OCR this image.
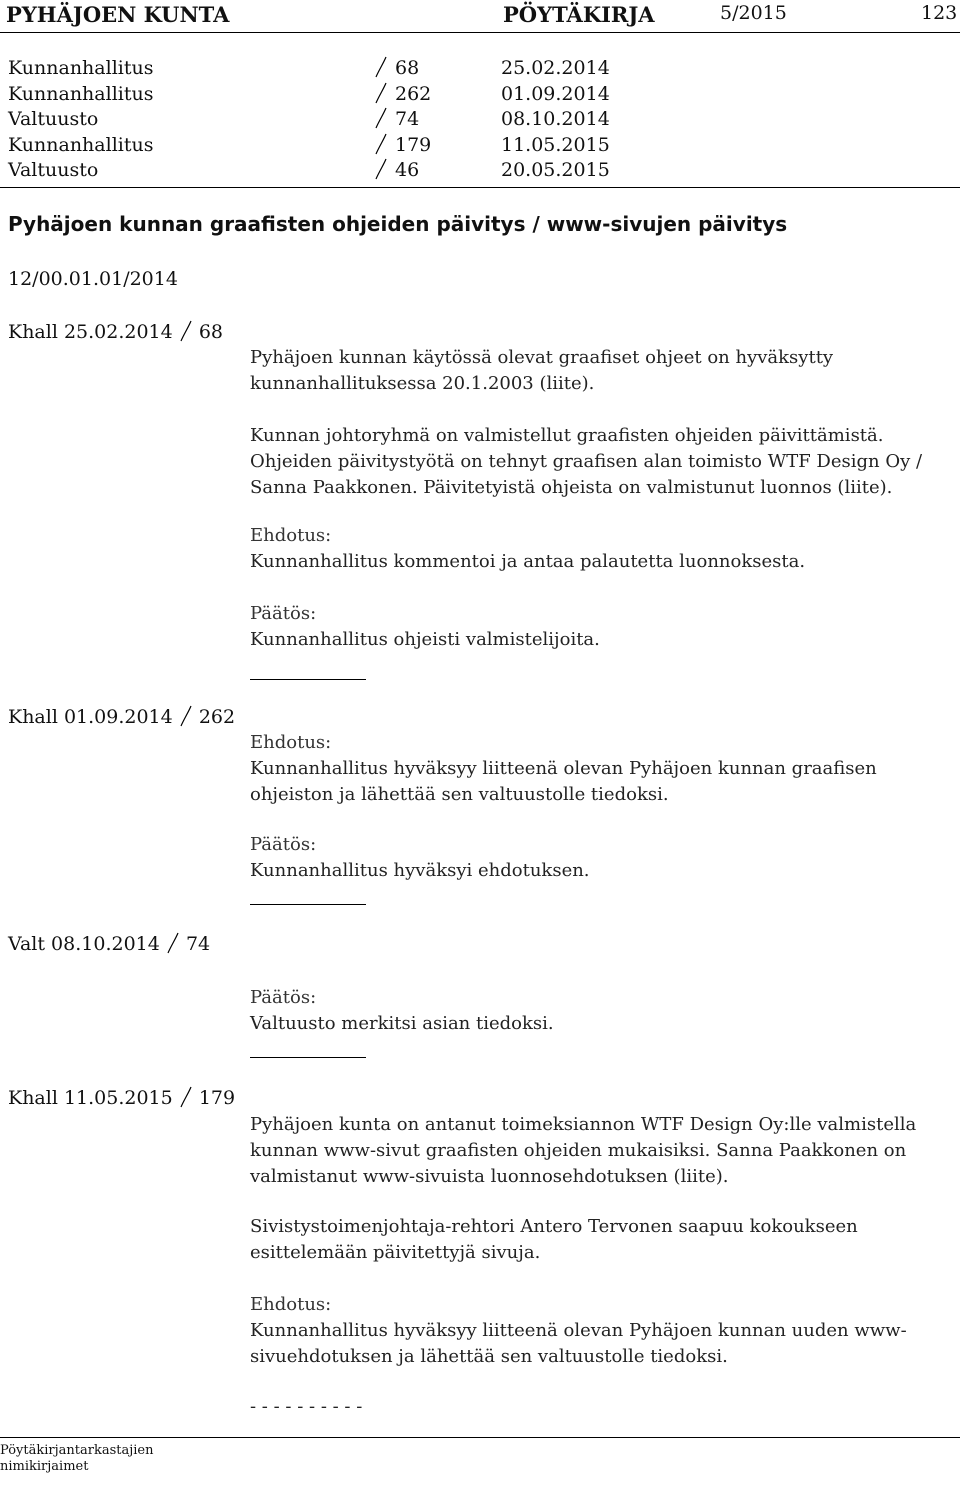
PYHÄJOEN KUNTA	PÖYTÄKIRJA	5/2015	123
Kunnanhallitus	68	25.02.2014
Kunnanhallitus	262	01.09.2014
Valtuusto	74	08.10.2014
Kunnanhallitus	179	11.05.2015
Valtuusto	46	20.05.2015
Pyhäjoen kunnan graafisten ohjeiden päivitys / www-sivujen päivitys
12/00.01.01/2014
Khall 25.02.2014 68

Pyhäjoen kunnan käytössä olevat graafiset ohjeet on hyväksytty kunnanhallituksessa 20.1.2003 (liite).

Kunnan johtoryhmä on valmistellut graafisten ohjeiden päivittämistä. Ohjeiden päivitystyötä on tehnyt graafisen alan toimisto WTF Design Oy / Sanna Paakkonen. Päivitetyistä ohjeista on valmistunut luonnos (liite).

Ehdotus:

Kunnanhallitus kommentoi ja antaa palautetta luonnoksesta.

Päätös:

Kunnanhallitus ohjeisti valmistelijoita.

Khall 01.09.2014 262

Ehdotus:

Kunnanhallitus hyväksyy liitteenä olevan Pyhäjoen kunnan graafisen ohjeiston ja lähettää sen valtuustolle tiedoksi.

Päätös:

Kunnanhallitus hyväksyi ehdotuksen.

Valt 08.10.2014 74

Päätös:

Valtuusto merkitsi asian tiedoksi.

Khall 11.05.2015 179

Pyhäjoen kunta on antanut toimeksiannon WTF Design Oy:lle valmistella kunnan www-sivut graafisten ohjeiden mukaisiksi. Sanna Paakkonen on valmistanut www-sivuista luonnosehdotuksen (liite).

Sivistystoimenjohtaja-rehtori Antero Tervonen saapuu kokoukseen esittelemään päivitettyjä sivuja.

Ehdotus:

Kunnanhallitus hyväksyy liitteenä olevan Pyhäjoen kunnan uuden www-sivuehdotuksen ja lähettää sen valtuustolle tiedoksi.

- - - - - - - - - -
Pöytäkirjantarkastajien
nimikirjaimet
